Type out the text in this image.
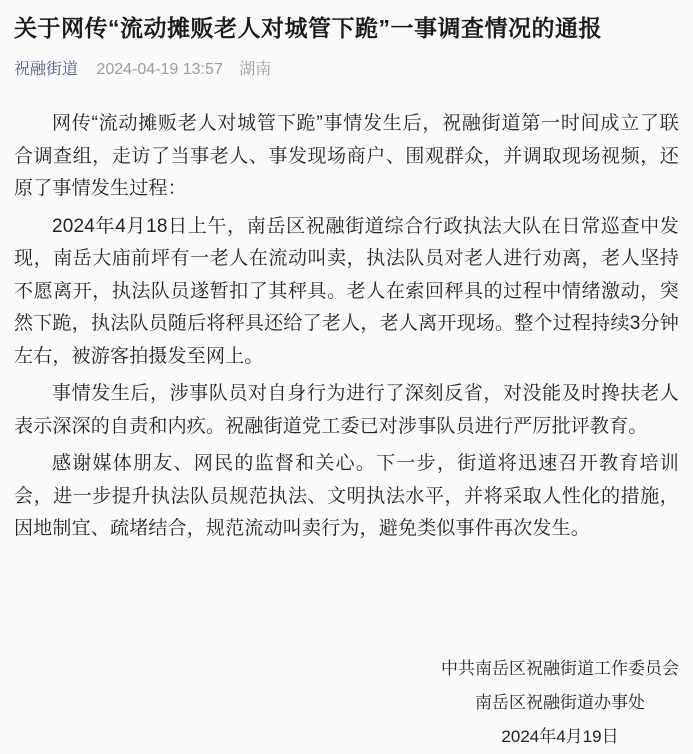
关于网传“流动摊贩老人对城管下跪”一事调查情况的通报
祝融街道 2024-04-19 13:57 湖南

网传“流动摊贩老人对城管下跪”事情发生后，祝融街道第一时间成立了联合调查组，走访了当事老人、事发现场商户、围观群众，并调取现场视频，还原了事情发生过程：

2024年4月18日上午，南岳区祝融街道综合行政执法大队在日常巡查中发现，南岳大庙前坪有一老人在流动叫卖，执法队员对老人进行劝离，老人坚持不愿离开，执法队员遂暂扣了其秤具。老人在索回秤具的过程中情绪激动，突然下跪，执法队员随后将秤具还给了老人，老人离开现场。整个过程持续3分钟左右，被游客拍摄发至网上。

事情发生后，涉事队员对自身行为进行了深刻反省，对没能及时搀扶老人表示深深的自责和内疚。祝融街道党工委已对涉事队员进行严厉批评教育。

感谢媒体朋友、网民的监督和关心。下一步，街道将迅速召开教育培训会，进一步提升执法队员规范执法、文明执法水平，并将采取人性化的措施，因地制宜、疏堵结合，规范流动叫卖行为，避免类似事件再次发生。

中共南岳区祝融街道工作委员会

南岳区祝融街道办事处

2024年4月19日
